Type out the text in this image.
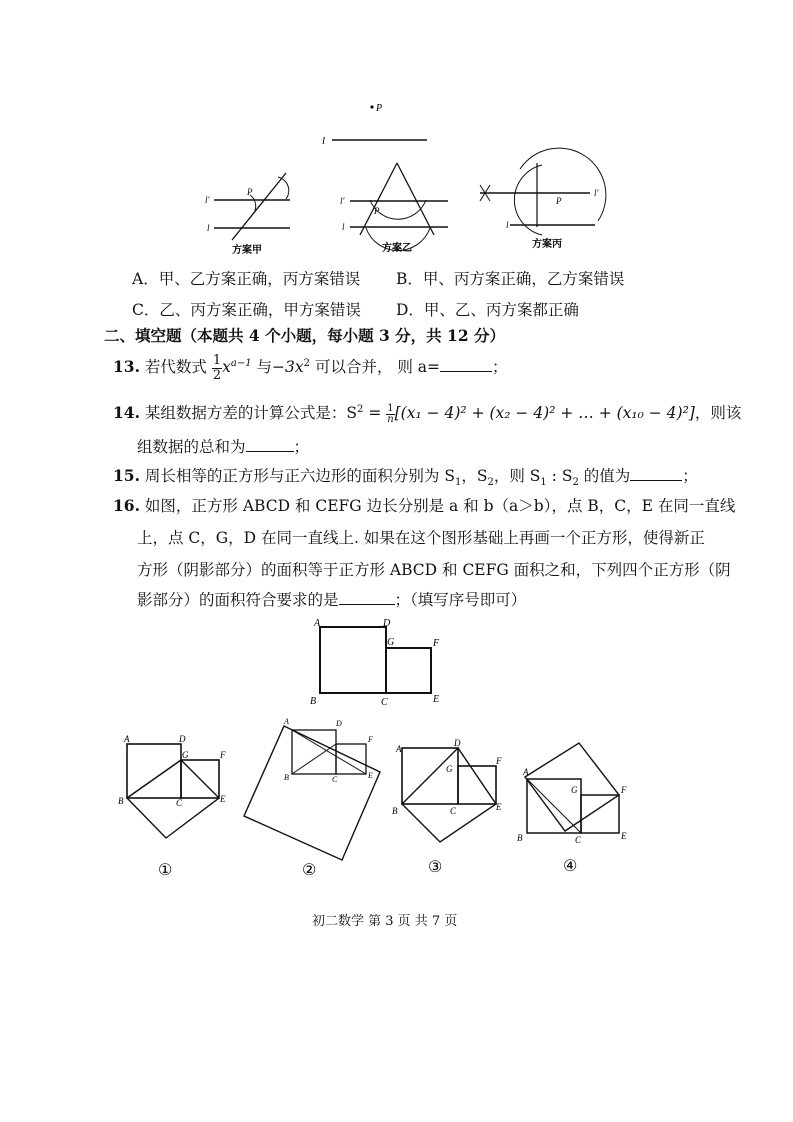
P
l
P
l'
l
方案甲
P
l'
l
方案乙
P
l'
l
方案丙
A．甲、乙方案正确，丙方案错误 B．甲、丙方案正确，乙方案错误
C．乙、丙方案正确，甲方案错误 D．甲、乙、丙方案都正确
二、填空题（本题共 4 个小题，每小题 3 分，共 12 分）
13. 若代数式 $\frac{1}{2} x^{a-1}$ 与$-3x^2$ 可以合并， 则 a=	；
14. 某组数据方差的计算公式是：$S^2 = \frac{1}{n} [(x_1 - 4)^2 + (x_2 - 4)^2$ + … + (x₁₀ − 4)²]，则该
组数据的总和为	；
15. 周长相等的正方形与正六边形的面积分别为 $S_1$，$S_2$，则 $S_1$ : $S_2$ 的值为	；
16. 如图，正方形 ABCD 和 CEFG 边长分别是 a 和 b（a＞b），点 B，C，E 在同一直线
上，点 C，G，D 在同一直线上. 如果在这个图形基础上再画一个正方形，使得新正
方形（阴影部分）的面积等于正方形 ABCD 和 CEFG 面积之和，下列四个正方形（阴
影部分）的面积符合要求的是	；（填写序号即可）
A	D
G	F
B	C	E
A	D
G	F
B	C	E
①
A	D
F
B	C	E
②
A
D
G
F
B	C	E
③
A
G	F
B	C	E
④
初二数学 第 3 页 共 7 页
